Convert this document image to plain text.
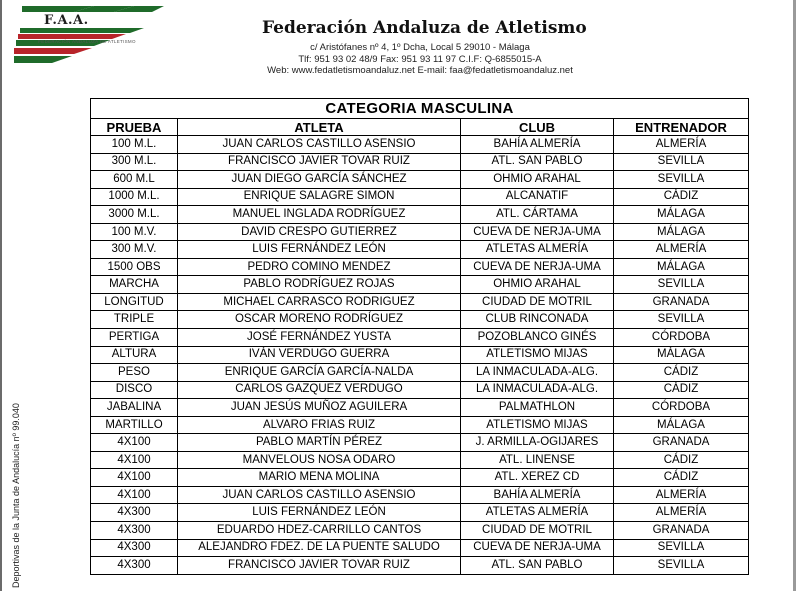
F.A.A.
FEDERACIÓN ANDALUZA DE ATLETISMO
Federación Andaluza de Atletismo
c/ Aristófanes nº 4, 1º Dcha, Local 5 29010 - Málaga
Tlf: 951 93 02 48/9 Fax: 951 93 11 97 C.I.F: Q-6855015-A
Web: www.fedatletismoandaluz.net E-mail: faa@fedatletismoandaluz.net
Deportivas de la Junta de Andalucía nº 99.040
CATEGORIA MASCULINA			
PRUEBA	ATLETA	CLUB	ENTRENADOR
100 M.L.	JUAN CARLOS CASTILLO ASENSIO	BAHÍA ALMERÍA	ALMERÍA
300 M.L.	FRANCISCO JAVIER TOVAR RUIZ	ATL. SAN PABLO	SEVILLA
600 M.L	JUAN DIEGO GARCÍA SÁNCHEZ	OHMIO ARAHAL	SEVILLA
1000 M.L.	ENRIQUE SALAGRE SIMON	ALCANATIF	CÁDIZ
3000 M.L.	MANUEL INGLADA RODRÍGUEZ	ATL. CÁRTAMA	MÁLAGA
100 M.V.	DAVID CRESPO GUTIERREZ	CUEVA DE NERJA-UMA	MÁLAGA
300 M.V.	LUIS FERNÁNDEZ LEÓN	ATLETAS ALMERÍA	ALMERÍA
1500 OBS	PEDRO COMINO MENDEZ	CUEVA DE NERJA-UMA	MÁLAGA
MARCHA	PABLO RODRÍGUEZ ROJAS	OHMIO ARAHAL	SEVILLA
LONGITUD	MICHAEL CARRASCO RODRIGUEZ	CIUDAD DE MOTRIL	GRANADA
TRIPLE	OSCAR MORENO RODRÍGUEZ	CLUB RINCONADA	SEVILLA
PERTIGA	JOSÉ FERNÁNDEZ YUSTA	POZOBLANCO GINÉS	CÓRDOBA
ALTURA	IVÁN VERDUGO GUERRA	ATLETISMO MIJAS	MÁLAGA
PESO	ENRIQUE GARCÍA GARCÍA-NALDA	LA INMACULADA-ALG.	CÁDIZ
DISCO	CARLOS GAZQUEZ VERDUGO	LA INMACULADA-ALG.	CÁDIZ
JABALINA	JUAN JESÚS MUÑOZ AGUILERA	PALMATHLON	CÓRDOBA
MARTILLO	ALVARO FRIAS RUIZ	ATLETISMO MIJAS	MÁLAGA
4X100	PABLO MARTÍN PÉREZ	J. ARMILLA-OGIJARES	GRANADA
4X100	MANVELOUS NOSA ODARO	ATL. LINENSE	CÁDIZ
4X100	MARIO MENA MOLINA	ATL. XEREZ CD	CÁDIZ
4X100	JUAN CARLOS CASTILLO ASENSIO	BAHÍA ALMERÍA	ALMERÍA
4X300	LUIS FERNÁNDEZ LEÓN	ATLETAS ALMERÍA	ALMERÍA
4X300	EDUARDO HDEZ-CARRILLO CANTOS	CIUDAD DE MOTRIL	GRANADA
4X300	ALEJANDRO FDEZ. DE LA PUENTE SALUDO	CUEVA DE NERJA-UMA	SEVILLA
4X300	FRANCISCO JAVIER TOVAR RUIZ	ATL. SAN PABLO	SEVILLA
